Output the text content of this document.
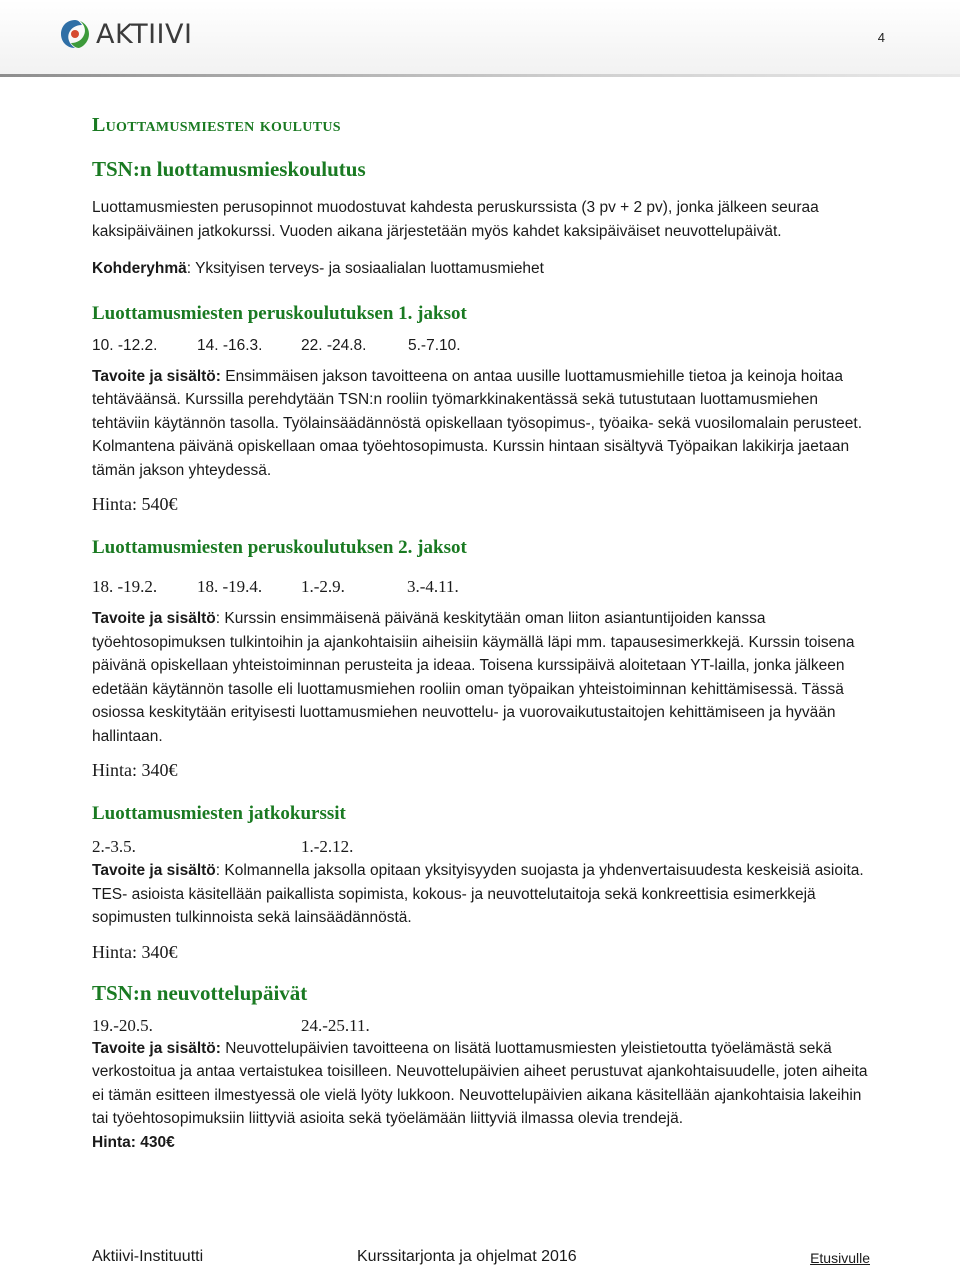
AKTIIVI	4
Luottamusmiesten koulutus
TSN:n luottamusmieskoulutus

Luottamusmiesten perusopinnot muodostuvat kahdesta peruskurssista (3 pv + 2 pv), jonka jälkeen seuraa kaksipäiväinen jatkokurssi. Vuoden aikana järjestetään myös kahdet kaksipäiväiset neuvottelupäivät.

Kohderyhmä: Yksityisen terveys- ja sosiaalialan luottamusmiehet

Luottamusmiesten peruskoulutuksen 1. jaksot
10. -12.2.	14. -16.3.	22. -24.8.	5.-7.10.

Tavoite ja sisältö: Ensimmäisen jakson tavoitteena on antaa uusille luottamusmiehille tietoa ja keinoja hoitaa tehtäväänsä. Kurssilla perehdytään TSN:n rooliin työmarkkinakentässä sekä tutustutaan luottamusmiehen tehtäviin käytännön tasolla. Työlainsäädännöstä opiskellaan työsopimus-, työaika- sekä vuosilomalain perusteet. Kolmantena päivänä opiskellaan omaa työehtosopimusta. Kurssin hintaan sisältyvä Työpaikan lakikirja jaetaan tämän jakson yhteydessä.

Hinta: 540€
Luottamusmiesten peruskoulutuksen 2. jaksot
18. -19.2.	18. -19.4.	1.-2.9.	3.-4.11.

Tavoite ja sisältö: Kurssin ensimmäisenä päivänä keskitytään oman liiton asiantuntijoiden kanssa työehtosopimuksen tulkintoihin ja ajankohtaisiin aiheisiin käymällä läpi mm. tapausesimerkkejä. Kurssin toisena päivänä opiskellaan yhteistoiminnan perusteita ja ideaa. Toisena kurssipäivä aloitetaan YT-lailla, jonka jälkeen edetään käytännön tasolle eli luottamusmiehen rooliin oman työpaikan yhteistoiminnan kehittämisessä. Tässä osiossa keskitytään erityisesti luottamusmiehen neuvottelu- ja vuorovaikutustaitojen kehittämiseen ja hyvään hallintaan.

Hinta: 340€
Luottamusmiesten jatkokurssit
2.-3.5.	1.-2.12.

Tavoite ja sisältö: Kolmannella jaksolla opitaan yksityisyyden suojasta ja yhdenvertaisuudesta keskeisiä asioita. TES- asioista käsitellään paikallista sopimista, kokous- ja neuvottelutaitoja sekä konkreettisia esimerkkejä sopimusten tulkinnoista sekä lainsäädännöstä.

Hinta: 340€
TSN:n neuvottelupäivät
19.-20.5.	24.-25.11.

Tavoite ja sisältö: Neuvottelupäivien tavoitteena on lisätä luottamusmiesten yleistietoutta työelämästä sekä verkostoitua ja antaa vertaistukea toisilleen. Neuvottelupäivien aiheet perustuvat ajankohtaisuudelle, joten aiheita ei tämän esitteen ilmestyessä ole vielä lyöty lukkoon. Neuvottelupäivien aikana käsitellään ajankohtaisia lakeihin tai työehtosopimuksiin liittyviä asioita sekä työelämään liittyviä ilmassa olevia trendejä.

Hinta: 430€
Aktiivi-Instituutti	Kurssitarjonta ja ohjelmat 2016	Etusivulle
